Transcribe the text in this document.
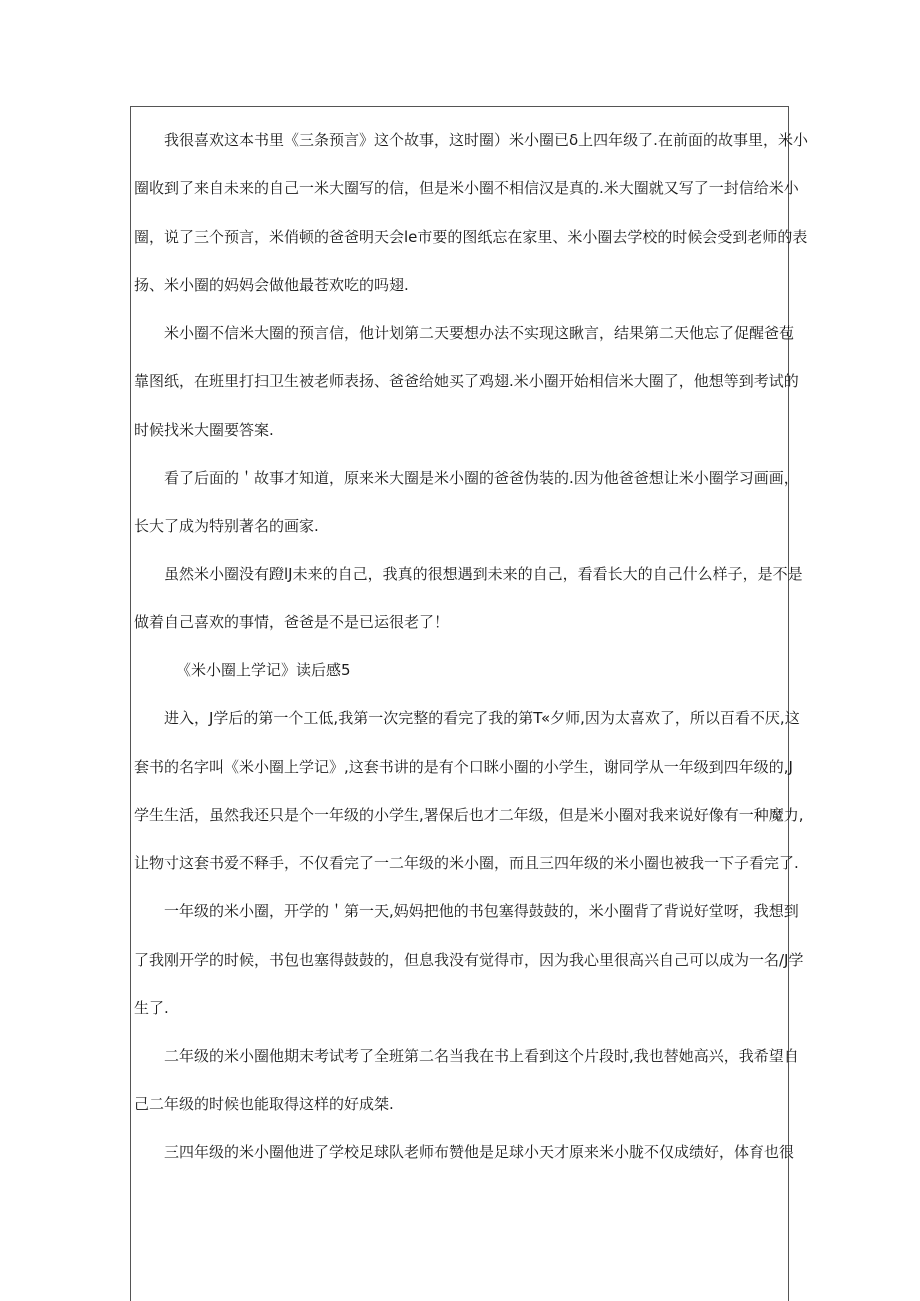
我很喜欢这本书里《三条预言》这个故事，这时圈）米小圈已δ上四年级了.在前面的故事里，米小
圈收到了来自未来的自己一米大圈写的信，但是米小圈不相信汉是真的.米大圈就又写了一封信给米小
圈，说了三个预言，米俏顿的爸爸明天会le市要的图纸忘在家里、米小圈去学校的时候会受到老师的表
扬、米小圈的妈妈会做他最苍欢吃的吗翅.
米小圈不信米大圈的预言信，他计划第二天要想办法不实现这瞅言，结果第二天他忘了促醒爸苞
靠图纸，在班里打扫卫生被老师表扬、爸爸给她买了鸡翅.米小圈开始相信米大圈了，他想等到考试的
时候找米大圈要答案.
看了后面的＇故事才知道，原来米大圈是米小圈的爸爸伪装的.因为他爸爸想让米小圈学习画画，
长大了成为特别著名的画家.
虽然米小圈没有蹬lJ未来的自己，我真的很想遇到未来的自己，看看长大的自己什么样子，是不是
做着自己喜欢的事情，爸爸是不是已运很老了！
《米小圈上学记》读后感5
进入，J学后的第一个工低,我第一次完整的看完了我的第T«夕师,因为太喜欢了，所以百看不厌,这
套书的名字叫《米小圈上学记》,这套书讲的是有个口眯小圈的小学生，谢同学从一年级到四年级的,J
学生生活，虽然我还只是个一年级的小学生,署保后也才二年级，但是米小圈对我来说好像有一种魔力,
让物寸这套书爱不释手，不仅看完了一二年级的米小圈，而且三四年级的米小圈也被我一下子看完了.
一年级的米小圈，开学的＇第一天,妈妈把他的书包塞得鼓鼓的，米小圈背了背说好堂呀，我想到
了我刚开学的时候，书包也塞得鼓鼓的，但息我没有觉得市，因为我心里很高兴自己可以成为一名/J学
生了.
二年级的米小圈他期末考试考了全班第二名当我在书上看到这个片段时,我也替她高兴，我希望自
己二年级的时候也能取得这样的好成桀.
三四年级的米小圈他进了学校足球队老师布赞他是足球小天才原来米小胧不仅成绩好，体育也很
